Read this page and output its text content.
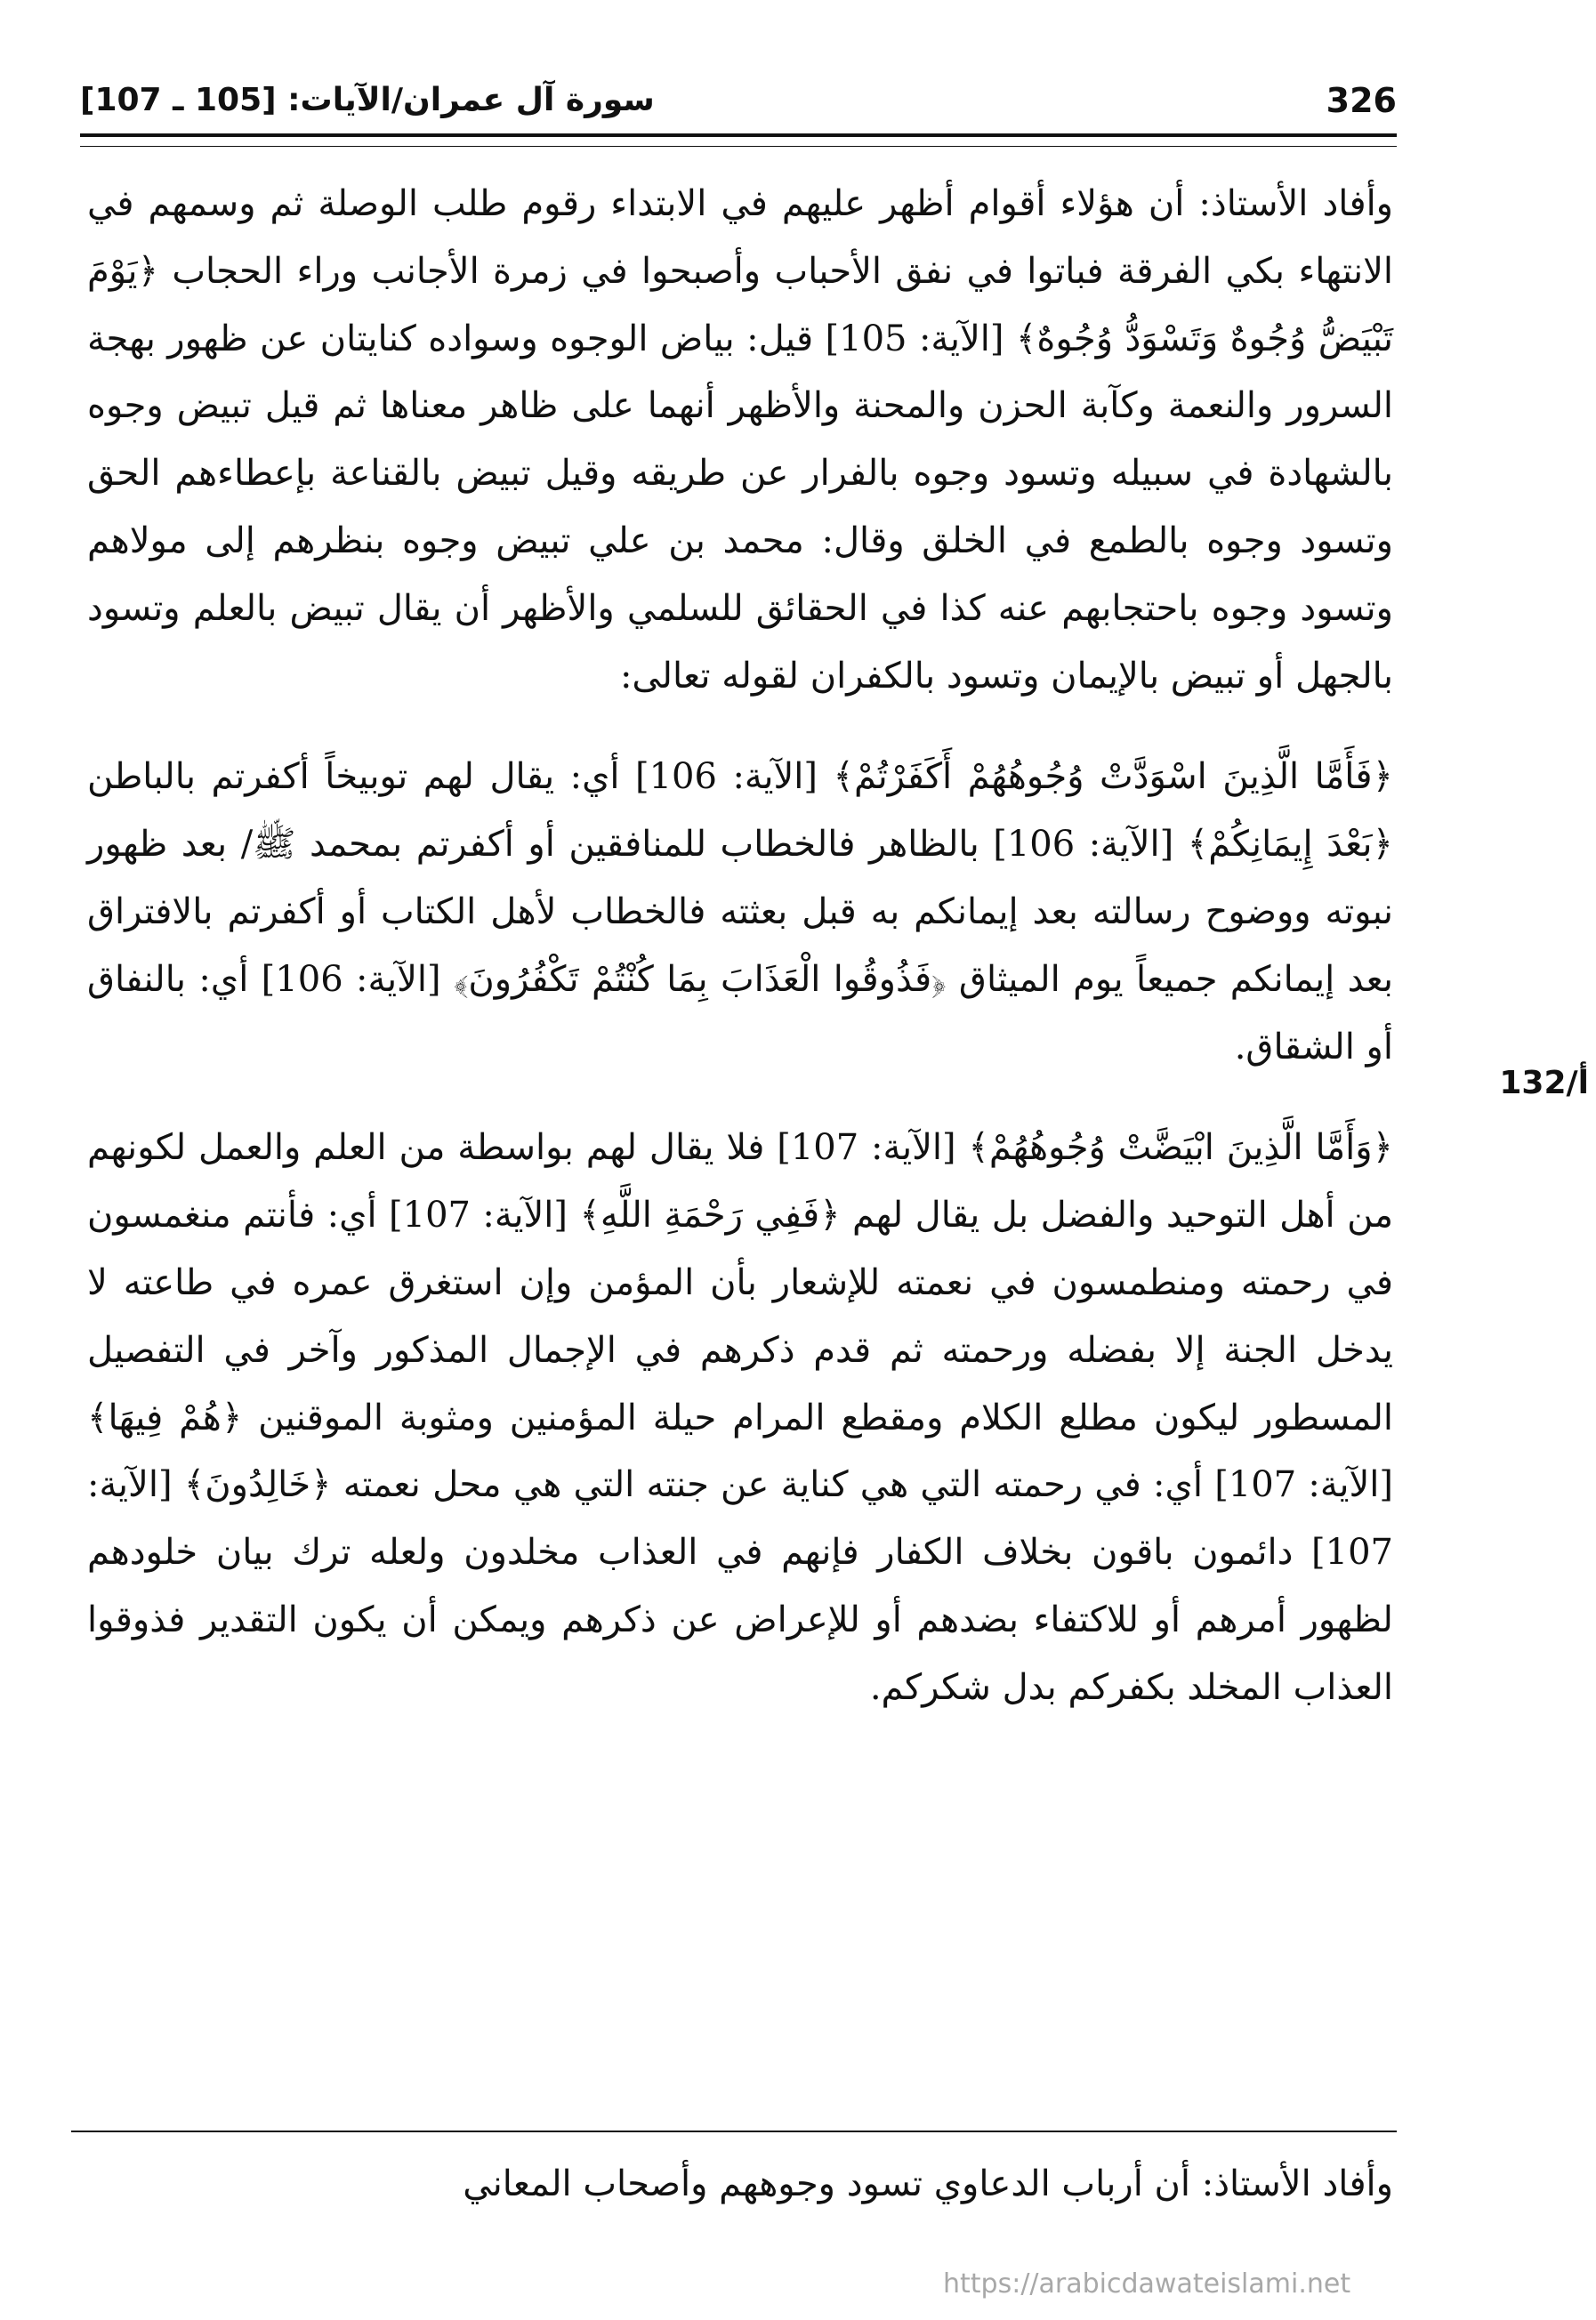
326
سورة آل عمران/الآيات: [105 ـ 107]
132/أ

وأفاد الأستاذ: أن هؤلاء أقوام أظهر عليهم في الابتداء رقوم طلب الوصلة ثم وسمهم في الانتهاء بكي الفرقة فباتوا في نفق الأحباب وأصبحوا في زمرة الأجانب وراء الحجاب ﴿يَوْمَ تَبْيَضُّ وُجُوهٌ وَتَسْوَدُّ وُجُوهٌ﴾ [الآية: 105] قيل: بياض الوجوه وسواده كنايتان عن ظهور بهجة السرور والنعمة وكآبة الحزن والمحنة والأظهر أنهما على ظاهر معناها ثم قيل تبيض وجوه بالشهادة في سبيله وتسود وجوه بالفرار عن طريقه وقيل تبيض بالقناعة بإعطاءهم الحق وتسود وجوه بالطمع في الخلق وقال: محمد بن علي تبيض وجوه بنظرهم إلى مولاهم وتسود وجوه باحتجابهم عنه كذا في الحقائق للسلمي والأظهر أن يقال تبيض بالعلم وتسود بالجهل أو تبيض بالإيمان وتسود بالكفران لقوله تعالى:

﴿فَأَمَّا الَّذِينَ اسْوَدَّتْ وُجُوهُهُمْ أَكَفَرْتُمْ﴾ [الآية: 106] أي: يقال لهم توبيخاً أكفرتم بالباطن ﴿بَعْدَ إِيمَانِكُمْ﴾ [الآية: 106] بالظاهر فالخطاب للمنافقين أو أكفرتم بمحمد ﷺ/ بعد ظهور نبوته ووضوح رسالته بعد إيمانكم به قبل بعثته فالخطاب لأهل الكتاب أو أكفرتم بالافتراق بعد إيمانكم جميعاً يوم الميثاق ﴿فَذُوقُوا الْعَذَابَ بِمَا كُنْتُمْ تَكْفُرُونَ﴾ [الآية: 106] أي: بالنفاق أو الشقاق.

﴿وَأَمَّا الَّذِينَ ابْيَضَّتْ وُجُوهُهُمْ﴾ [الآية: 107] فلا يقال لهم بواسطة من العلم والعمل لكونهم من أهل التوحيد والفضل بل يقال لهم ﴿فَفِي رَحْمَةِ اللَّهِ﴾ [الآية: 107] أي: فأنتم منغمسون في رحمته ومنطمسون في نعمته للإشعار بأن المؤمن وإن استغرق عمره في طاعته لا يدخل الجنة إلا بفضله ورحمته ثم قدم ذكرهم في الإجمال المذكور وآخر في التفصيل المسطور ليكون مطلع الكلام ومقطع المرام حيلة المؤمنين ومثوبة الموقنين ﴿هُمْ فِيهَا﴾ [الآية: 107] أي: في رحمته التي هي كناية عن جنته التي هي محل نعمته ﴿خَالِدُونَ﴾ [الآية: 107] دائمون باقون بخلاف الكفار فإنهم في العذاب مخلدون ولعله ترك بيان خلودهم لظهور أمرهم أو للاكتفاء بضدهم أو للإعراض عن ذكرهم ويمكن أن يكون التقدير فذوقوا العذاب المخلد بكفركم بدل شكركم.

وأفاد الأستاذ: أن أرباب الدعاوي تسود وجوههم وأصحاب المعاني
https://arabicdawateislami.net
